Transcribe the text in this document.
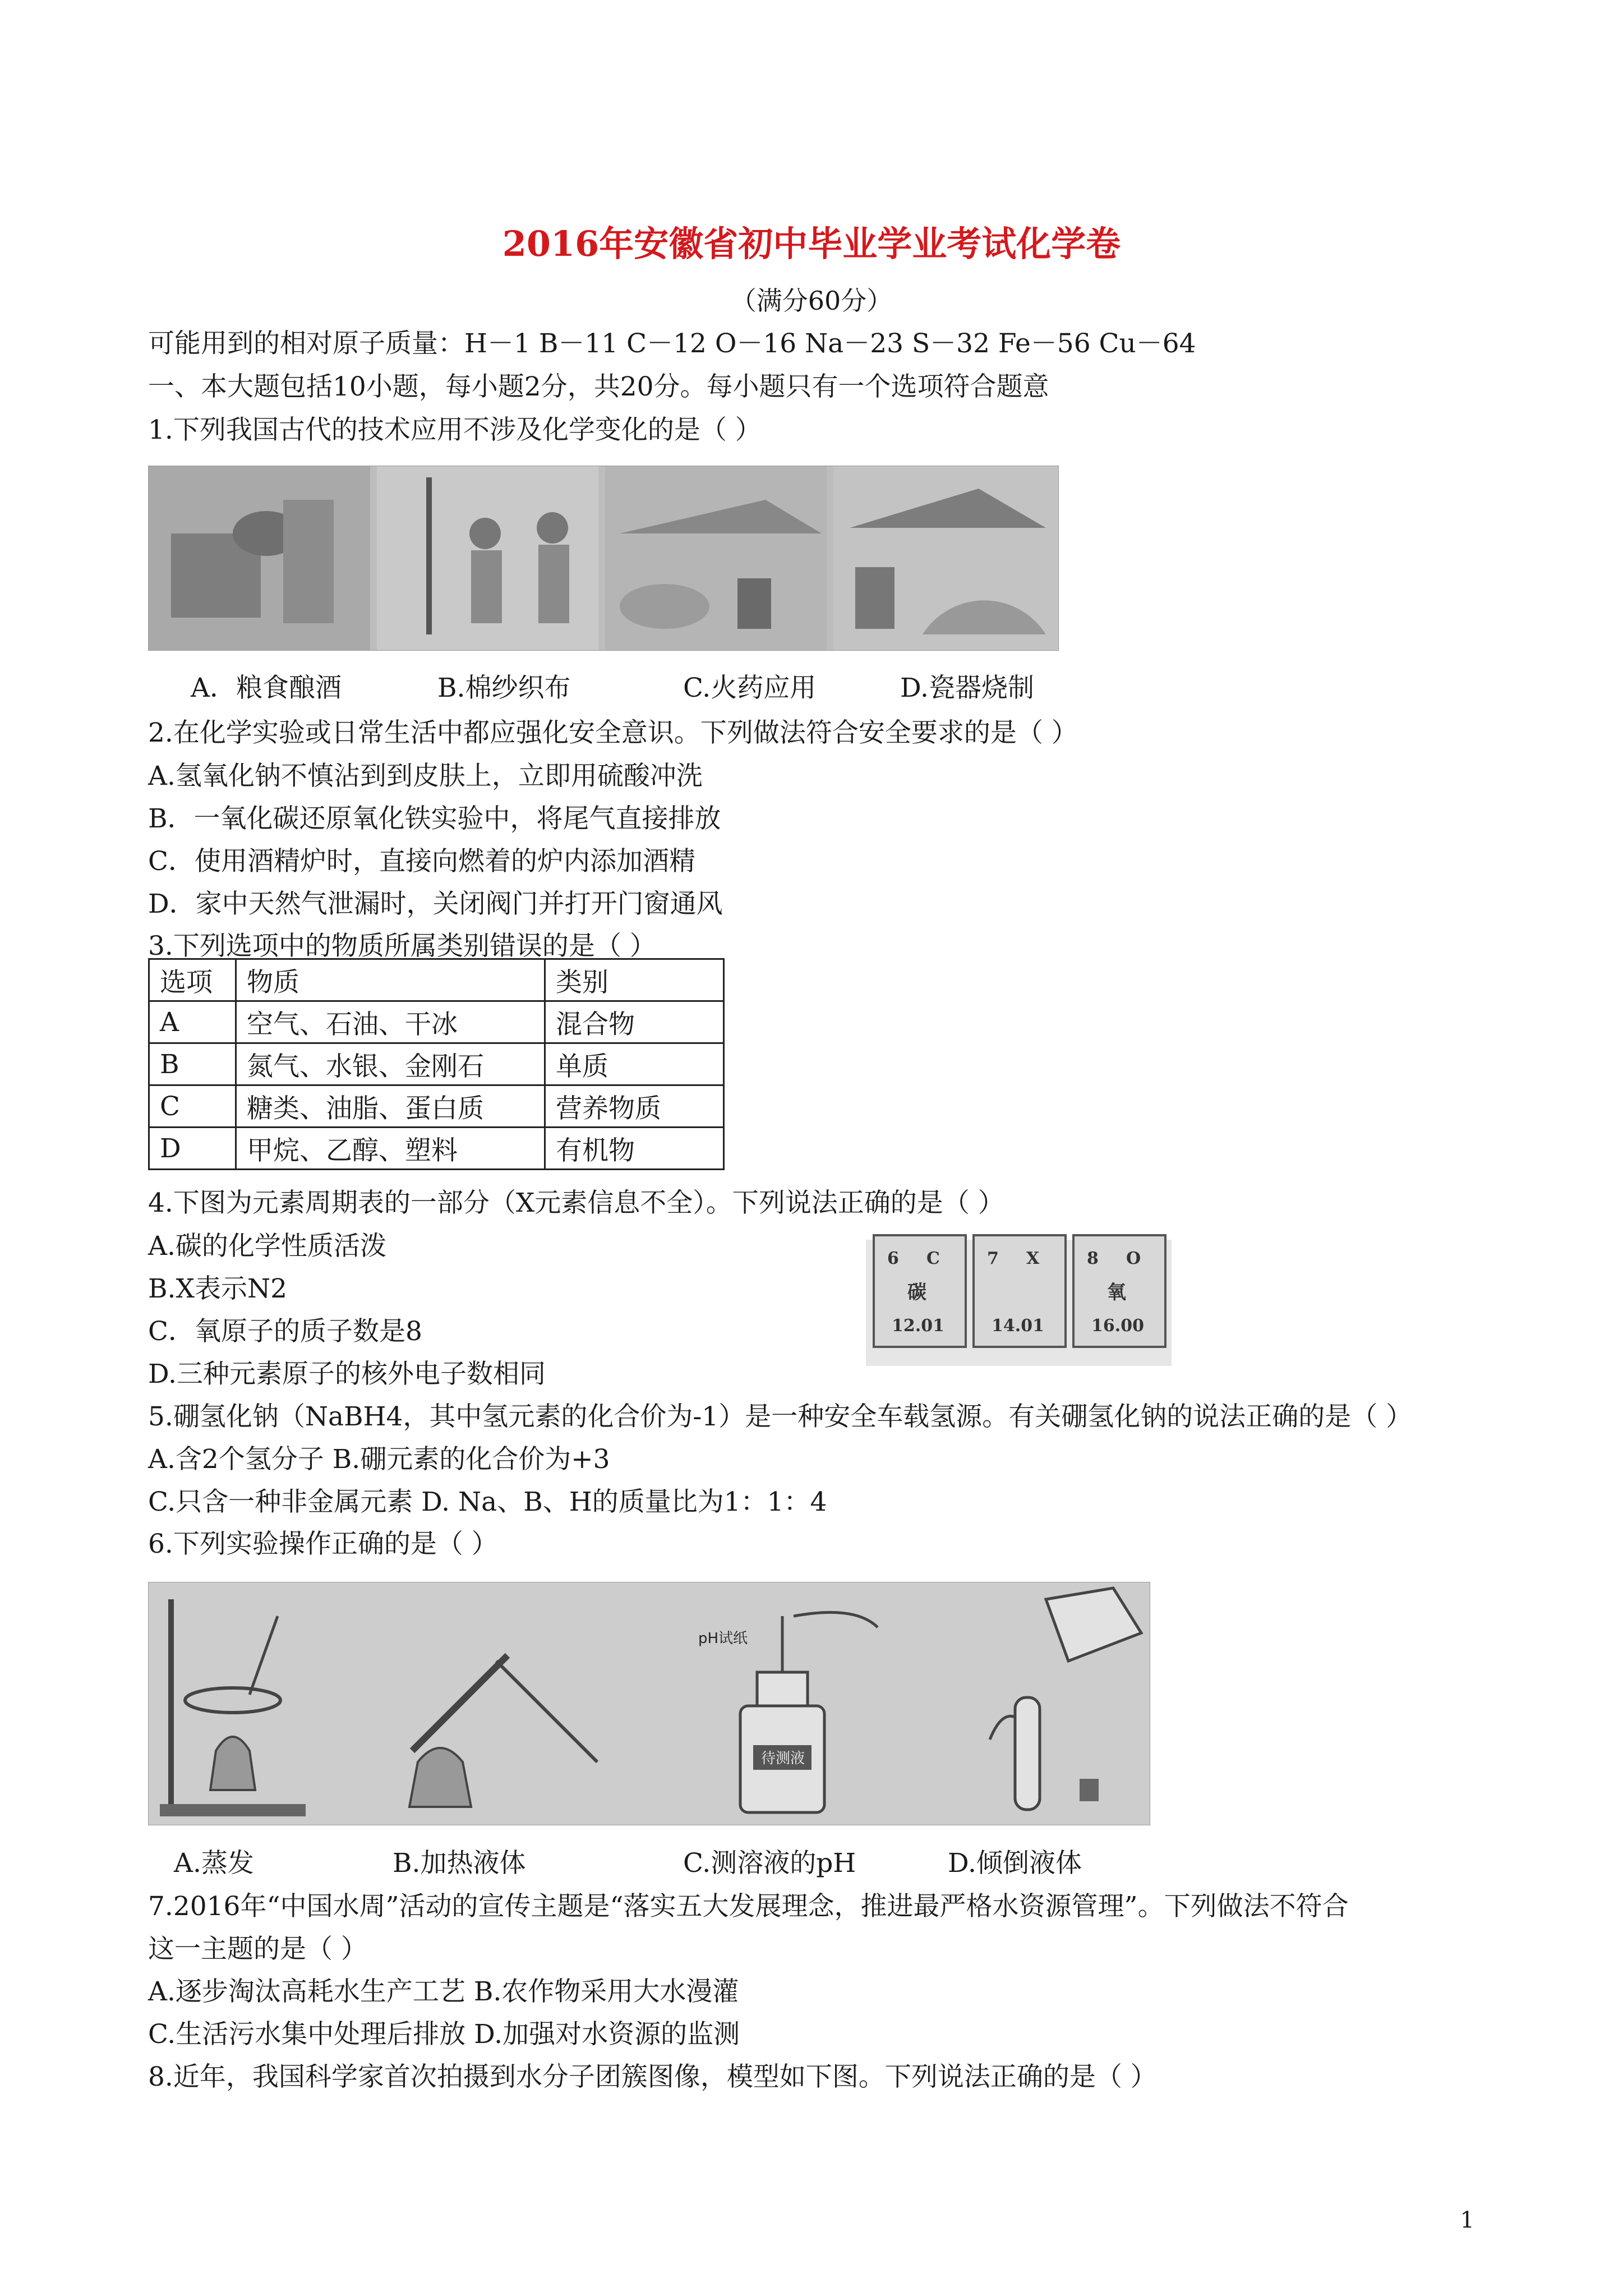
2016年安徽省初中毕业学业考试化学卷
（满分60分）
可能用到的相对原子质量：H－1 B－11 C－12 O－16 Na－23 S－32 Fe－56 Cu－64
一、本大题包括10小题，每小题2分，共20分。每小题只有一个选项符合题意
1.下列我国古代的技术应用不涉及化学变化的是（ ）
A．粮食酿酒	B.棉纱织布	C.火药应用	D.瓷器烧制
2.在化学实验或日常生活中都应强化安全意识。下列做法符合安全要求的是（ ）
A.氢氧化钠不慎沾到到皮肤上，立即用硫酸冲洗
B．一氧化碳还原氧化铁实验中，将尾气直接排放
C．使用酒精炉时，直接向燃着的炉内添加酒精
D．家中天然气泄漏时，关闭阀门并打开门窗通风
3.下列选项中的物质所属类别错误的是（ ）
选项	物质	类别
A	空气、石油、干冰	混合物
B	氮气、水银、金刚石	单质
C	糖类、油脂、蛋白质	营养物质
D	甲烷、乙醇、塑料	有机物
4.下图为元素周期表的一部分（X元素信息不全）。下列说法正确的是（ ）
A.碳的化学性质活泼
B.X表示N2
C．氧原子的质子数是8
D.三种元素原子的核外电子数相同
6 C
碳
12.01
7 X
14.01
8 O
氧
16.00
5.硼氢化钠（NaBH4，其中氢元素的化合价为-1）是一种安全车载氢源。有关硼氢化钠的说法正确的是（ ）
A.含2个氢分子 B.硼元素的化合价为+3
C.只含一种非金属元素 D. Na、B、H的质量比为1：1：4
6.下列实验操作正确的是（ ）
待测液
pH试纸
A.蒸发	B.加热液体	C.测溶液的pH	D.倾倒液体
7.2016年“中国水周”活动的宣传主题是“落实五大发展理念，推进最严格水资源管理”。下列做法不符合
这一主题的是（ ）
A.逐步淘汰高耗水生产工艺 B.农作物采用大水漫灌
C.生活污水集中处理后排放 D.加强对水资源的监测
8.近年，我国科学家首次拍摄到水分子团簇图像，模型如下图。下列说法正确的是（ ）
1
